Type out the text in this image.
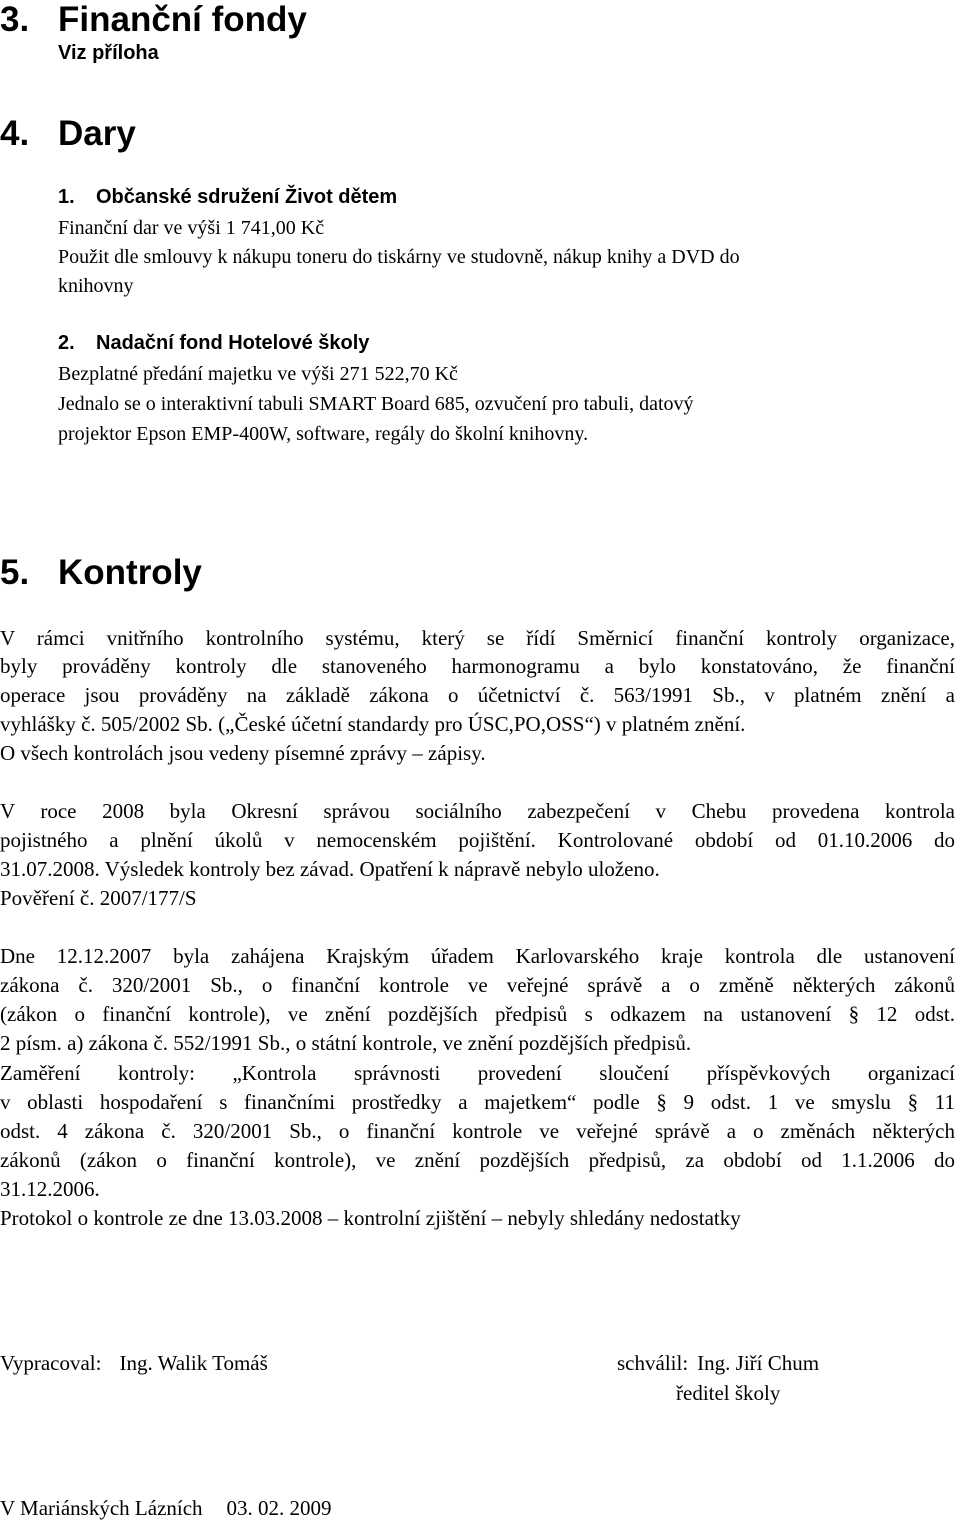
3. Finanční fondy
Viz příloha
4. Dary
1. Občanské sdružení Život dětem
Finanční dar ve výši 1 741,00 Kč
Použit dle smlouvy k nákupu toneru do tiskárny ve studovně, nákup knihy a DVD do
knihovny
2. Nadační fond Hotelové školy
Bezplatné předání majetku ve výši 271 522,70 Kč
Jednalo se o interaktivní tabuli SMART Board 685, ozvučení pro tabuli, datový
projektor Epson EMP-400W, software, regály do školní knihovny.
5. Kontroly
V rámci vnitřního kontrolního systému, který se řídí Směrnicí finanční kontroly organizace,
byly prováděny kontroly dle stanoveného harmonogramu a bylo konstatováno, že finanční
operace jsou prováděny na základě zákona o účetnictví č. 563/1991 Sb., v platném znění a
vyhlášky č. 505/2002 Sb. („České účetní standardy pro ÚSC,PO,OSS“) v platném znění.
O všech kontrolách jsou vedeny písemné zprávy – zápisy.
V roce 2008 byla Okresní správou sociálního zabezpečení v Chebu provedena kontrola
pojistného a plnění úkolů v nemocenském pojištění. Kontrolované období od 01.10.2006 do
31.07.2008. Výsledek kontroly bez závad. Opatření k nápravě nebylo uloženo.
Pověření č. 2007/177/S
Dne 12.12.2007 byla zahájena Krajským úřadem Karlovarského kraje kontrola dle ustanovení
zákona č. 320/2001 Sb., o finanční kontrole ve veřejné správě a o změně některých zákonů
(zákon o finanční kontrole), ve znění pozdějších předpisů s odkazem na ustanovení § 12 odst.
2 písm. a) zákona č. 552/1991 Sb., o státní kontrole, ve znění pozdějších předpisů.
Zaměření kontroly: „Kontrola správnosti provedení sloučení příspěvkových organizací
v oblasti hospodaření s finančními prostředky a majetkem“ podle § 9 odst. 1 ve smyslu § 11
odst. 4 zákona č. 320/2001 Sb., o finanční kontrole ve veřejné správě a o změnách některých
zákonů (zákon o finanční kontrole), ve znění pozdějších předpisů, za období od 1.1.2006 do
31.12.2006.
Protokol o kontrole ze dne 13.03.2008 – kontrolní zjištění – nebyly shledány nedostatky
Vypracoval: Ing. Walik Tomáš	schválil: Ing. Jiří Chum
ředitel školy
V Mariánských Lázních 03. 02. 2009
